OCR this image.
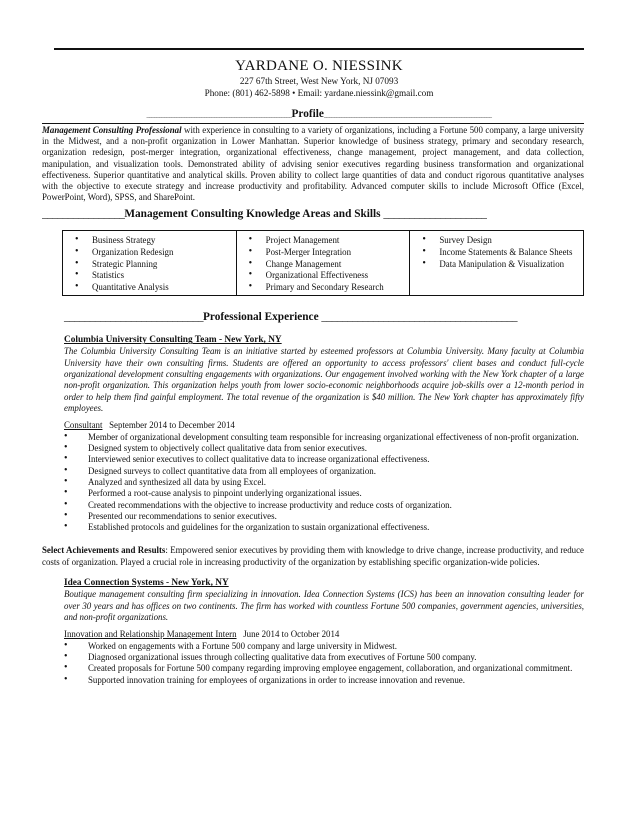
YARDANE O. NIESSINK
227 67th Street, West New York, NJ 07093
Phone: (801) 462-5898 • Email: yardane.niessink@gmail.com
__________________________________________________________Profile___________________________________________________________________
Management Consulting Professional with experience in consulting to a variety of organizations, including a Fortune 500 company, a large university in the Midwest, and a non-profit organization in Lower Manhattan. Superior knowledge of business strategy, primary and secondary research, organization redesign, post-merger integration, organizational effectiveness, change management, project management, and data collection, manipulation, and visualization tools. Demonstrated ability of advising senior executives regarding business transformation and organizational effectiveness. Superior quantitative and analytical skills. Proven ability to collect large quantities of data and conduct rigorous quantitative analyses with the objective to execute strategy and increase productivity and profitability. Advanced computer skills to include Microsoft Office (Excel, PowerPoint, Word), SPSS, and SharePoint.
________________Management Consulting Knowledge Areas and Skills ____________________
• Business Strategy
• Organization Redesign
• Strategic Planning
• Statistics
• Quantitative Analysis
• Project Management
• Post-Merger Integration
• Change Management
• Organizational Effectiveness
• Primary and Secondary Research
• Survey Design
• Income Statements & Balance Sheets
• Data Manipulation & Visualization
___________________________Professional Experience ______________________________________
Columbia University Consulting Team - New York, NY
The Columbia University Consulting Team is an initiative started by esteemed professors at Columbia University. Many faculty at Columbia University have their own consulting firms. Students are offered an opportunity to access professors' client bases and conduct full-cycle organizational development consulting engagements with organizations. Our engagement involved working with the New York chapter of a large non-profit organization. This organization helps youth from lower socio-economic neighborhoods acquire job-skills over a 12-month period in order to help them find gainful employment. The total revenue of the organization is $40 million. The New York chapter has approximately fifty employees.
Consultant September 2014 to December 2014
• Member of organizational development consulting team responsible for increasing organizational effectiveness of non-profit organization.
• Designed system to objectively collect qualitative data from senior executives.
• Interviewed senior executives to collect qualitative data to increase organizational effectiveness.
• Designed surveys to collect quantitative data from all employees of organization.
• Analyzed and synthesized all data by using Excel.
• Performed a root-cause analysis to pinpoint underlying organizational issues.
• Created recommendations with the objective to increase productivity and reduce costs of organization.
• Presented our recommendations to senior executives.
• Established protocols and guidelines for the organization to sustain organizational effectiveness.
Select Achievements and Results: Empowered senior executives by providing them with knowledge to drive change, increase productivity, and reduce costs of organization. Played a crucial role in increasing productivity of the organization by establishing specific organization-wide policies.
Idea Connection Systems - New York, NY
Boutique management consulting firm specializing in innovation. Idea Connection Systems (ICS) has been an innovation consulting leader for over 30 years and has offices on two continents. The firm has worked with countless Fortune 500 companies, government agencies, universities, and non-profit organizations.
Innovation and Relationship Management Intern June 2014 to October 2014
• Worked on engagements with a Fortune 500 company and large university in Midwest.
• Diagnosed organizational issues through collecting qualitative data from executives of Fortune 500 company.
• Created proposals for Fortune 500 company regarding improving employee engagement, collaboration, and organizational commitment.
• Supported innovation training for employees of organizations in order to increase innovation and revenue.
